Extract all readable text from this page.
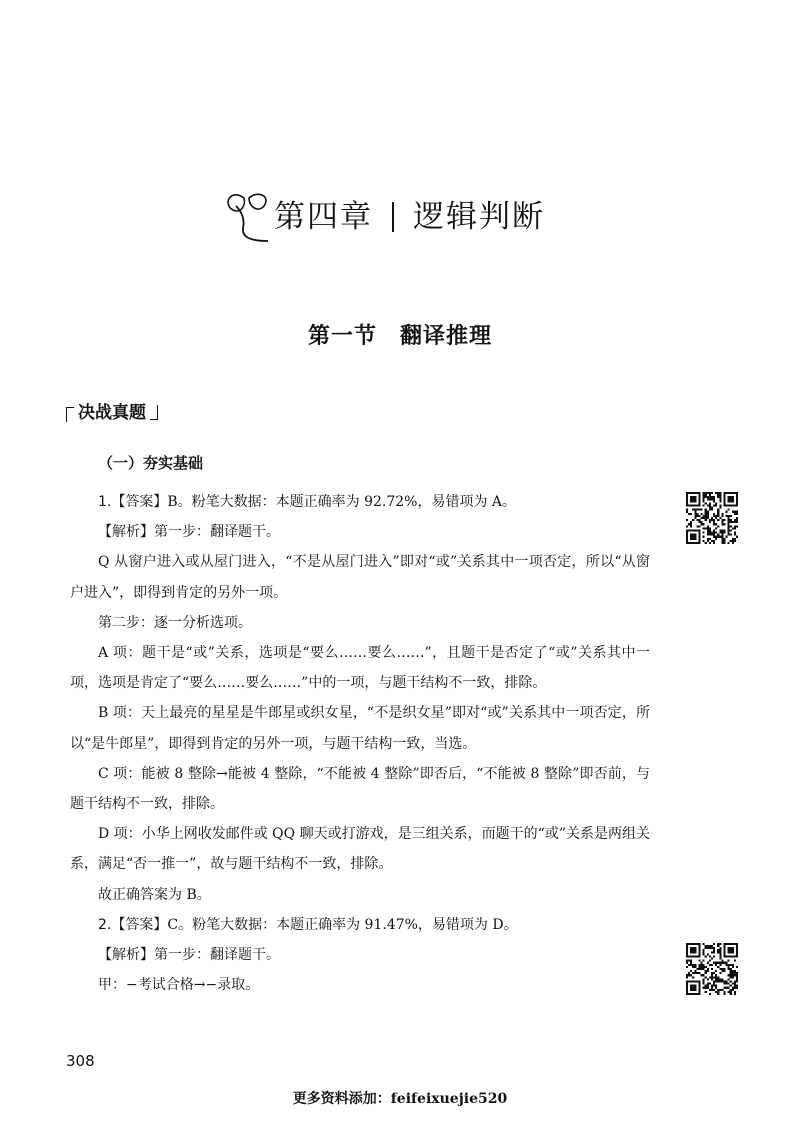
第四章 逻辑判断
第一节　翻译推理
决战真题
（一）夯实基础

1.【答案】B。粉笔大数据：本题正确率为 92.72%，易错项为 A。

【解析】第一步：翻译题干。

Q 从窗户进入或从屋门进入，“不是从屋门进入”即对“或”关系其中一项否定，所以“从窗户进入”，即得到肯定的另外一项。

第二步：逐一分析选项。

A 项：题干是“或”关系，选项是“要么……要么……”，且题干是否定了“或”关系其中一项，选项是肯定了“要么……要么……”中的一项，与题干结构不一致，排除。

B 项：天上最亮的星星是牛郎星或织女星，“不是织女星”即对“或”关系其中一项否定，所以“是牛郎星”，即得到肯定的另外一项，与题干结构一致，当选。

C 项：能被 8 整除→能被 4 整除，“不能被 4 整除”即否后，“不能被 8 整除”即否前，与题干结构不一致，排除。

D 项：小华上网收发邮件或 QQ 聊天或打游戏，是三组关系，而题干的“或”关系是两组关系，满足“否一推一”，故与题干结构不一致，排除。

故正确答案为 B。

2.【答案】C。粉笔大数据：本题正确率为 91.47%，易错项为 D。

【解析】第一步：翻译题干。

甲：−考试合格→−录取。

308
更多资料添加：feifeixuejie520
